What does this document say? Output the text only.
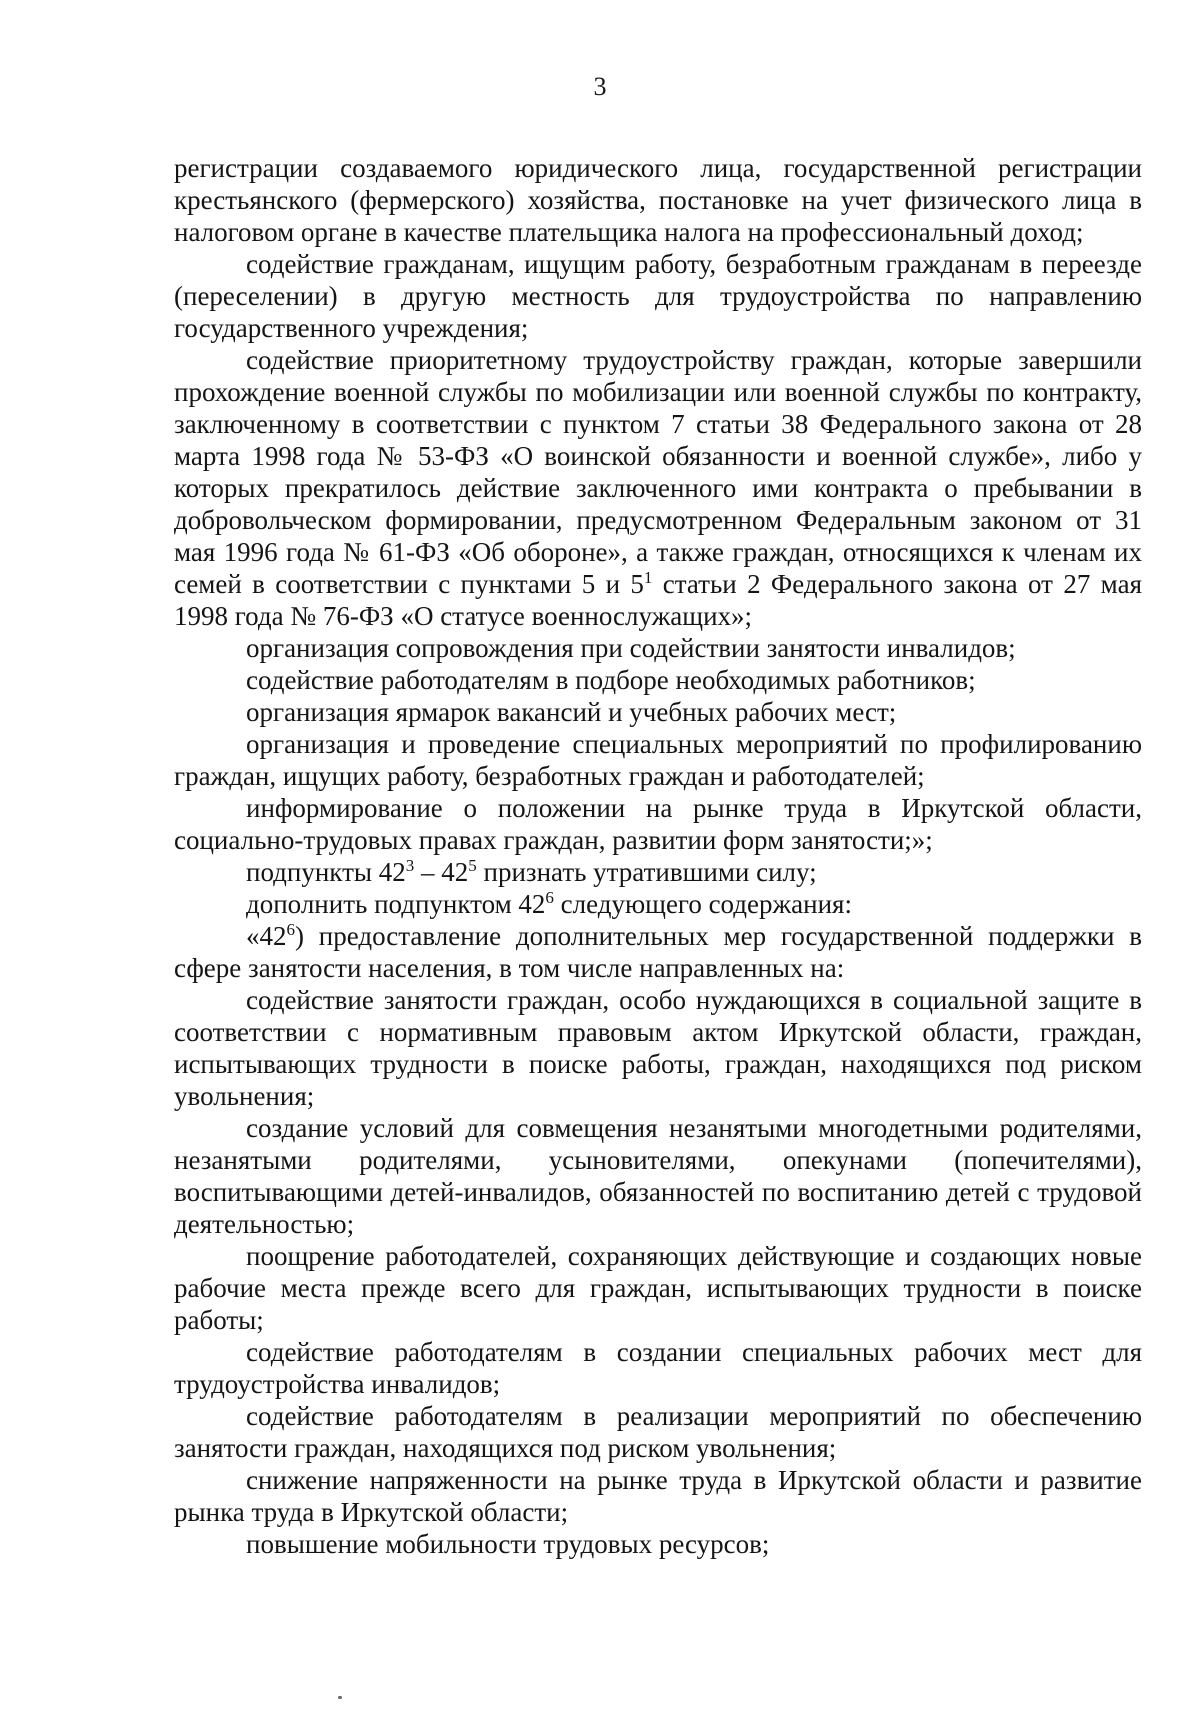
3

регистрации создаваемого юридического лица, государственной регистрации крестьянского (фермерского) хозяйства, постановке на учет физического лица в налоговом органе в качестве плательщика налога на профессиональный доход;

содействие гражданам, ищущим работу, безработным гражданам в переезде (переселении) в другую местность для трудоустройства по направлению государственного учреждения;

содействие приоритетному трудоустройству граждан, которые завершили прохождение военной службы по мобилизации или военной службы по контракту, заключенному в соответствии с пунктом 7 статьи 38 Федерального закона от 28 марта 1998 года № 53-ФЗ «О воинской обязанности и военной службе», либо у которых прекратилось действие заключенного ими контракта о пребывании в добровольческом формировании, предусмотренном Федеральным законом от 31 мая 1996 года № 61-ФЗ «Об обороне», а также граждан, относящихся к членам их семей в соответствии с пунктами 5 и $5^1$ статьи 2 Федерального закона от 27 мая 1998 года № 76-ФЗ «О статусе военнослужащих»;

организация сопровождения при содействии занятости инвалидов;

содействие работодателям в подборе необходимых работников;

организация ярмарок вакансий и учебных рабочих мест;

организация и проведение специальных мероприятий по профилированию граждан, ищущих работу, безработных граждан и работодателей;

информирование о положении на рынке труда в Иркутской области, социально-трудовых правах граждан, развитии форм занятости;»;

подпункты $42^3 - 42^5$ признать утратившими силу;

дополнить подпунктом $42^6$ следующего содержания:

«$42^6$) предоставление дополнительных мер государственной поддержки в сфере занятости населения, в том числе направленных на:

содействие занятости граждан, особо нуждающихся в социальной защите в соответствии с нормативным правовым актом Иркутской области, граждан, испытывающих трудности в поиске работы, граждан, находящихся под риском увольнения;

создание условий для совмещения незанятыми многодетными родителями, незанятыми родителями, усыновителями, опекунами (попечителями), воспитывающими детей-инвалидов, обязанностей по воспитанию детей с трудовой деятельностью;

поощрение работодателей, сохраняющих действующие и создающих новые рабочие места прежде всего для граждан, испытывающих трудности в поиске работы;

содействие работодателям в создании специальных рабочих мест для трудоустройства инвалидов;

содействие работодателям в реализации мероприятий по обеспечению занятости граждан, находящихся под риском увольнения;

снижение напряженности на рынке труда в Иркутской области и развитие рынка труда в Иркутской области;

повышение мобильности трудовых ресурсов;
